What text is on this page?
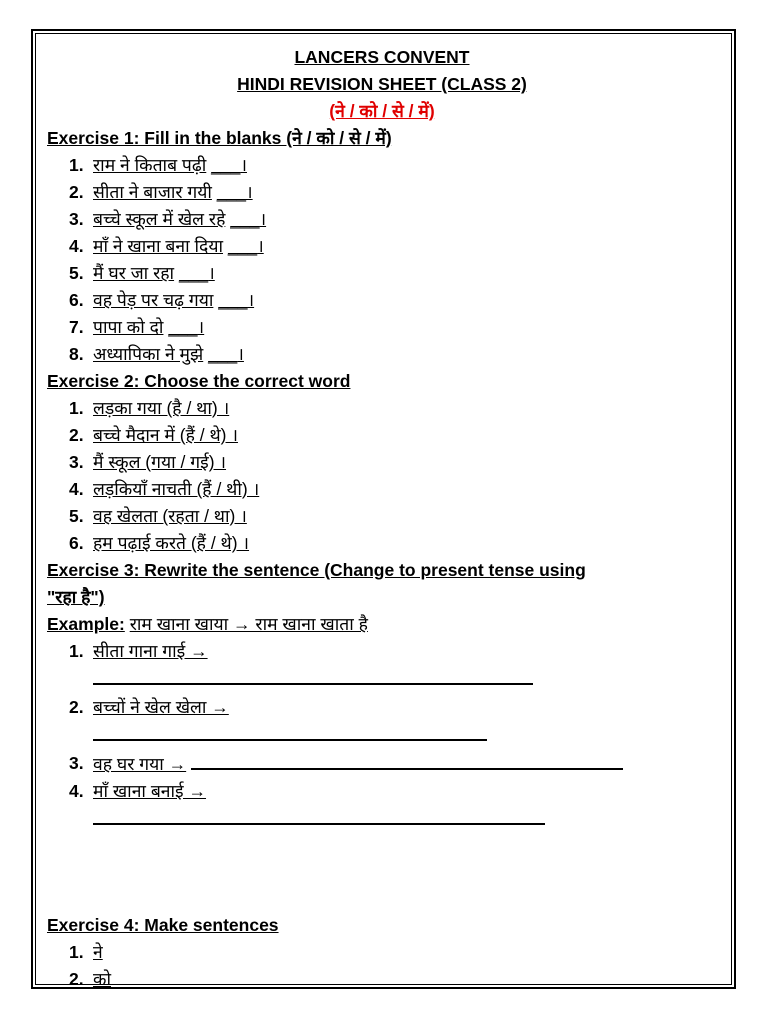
LANCERS CONVENT
HINDI REVISION SHEET (CLASS 2)
(ने / को / से / में)
Exercise 1: Fill in the blanks (ने / को / से / में)
1. राम ने किताब पढ़ी ___।
2. सीता ने बाजार गयी ___।
3. बच्चे स्कूल में खेल रहे ___।
4. माँ ने खाना बना दिया ___।
5. मैं घर जा रहा ___।
6. वह पेड़ पर चढ़ गया ___।
7. पापा को दो ___।
8. अध्यापिका ने मुझे ___।
Exercise 2: Choose the correct word
1. लड़का गया (है / था) ।
2. बच्चे मैदान में (हैं / थे) ।
3. मैं स्कूल (गया / गई) ।
4. लड़कियाँ नाचती (हैं / थी) ।
5. वह खेलता (रहता / था) ।
6. हम पढ़ाई करते (हैं / थे) ।
Exercise 3: Rewrite the sentence (Change to present tense using
"रहा है")
Example: राम खाना खाया → राम खाना खाता है
1. सीता गाना गाई →
2. बच्चों ने खेल खेला →
3. वह घर गया →
4. माँ खाना बनाई →
Exercise 4: Make sentences
1. ने
2. को
